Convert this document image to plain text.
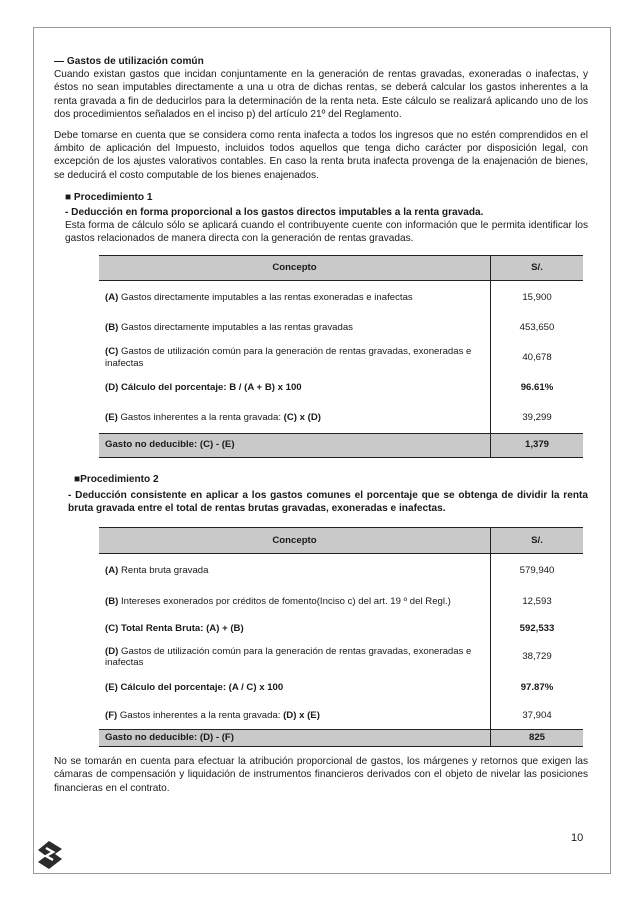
— Gastos de utilización común

Cuando existan gastos que incidan conjuntamente en la generación de rentas gravadas, exoneradas o inafectas, y éstos no sean imputables directamente a una u otra de dichas rentas, se deberá calcular los gastos inherentes a la renta gravada a fin de deducirlos para la determinación de la renta neta. Este cálculo se realizará aplicando uno de los dos procedimientos señalados en el inciso p) del artículo 21º del Reglamento.

Debe tomarse en cuenta que se considera como renta inafecta a todos los ingresos que no estén comprendidos en el ámbito de aplicación del Impuesto, incluidos todos aquellos que tenga dicho carácter por disposición legal, con excepción de los ajustes valorativos contables. En caso la renta bruta inafecta provenga de la enajenación de bienes, se deducirá el costo computable de los bienes enajenados.

■ Procedimiento 1

- Deducción en forma proporcional a los gastos directos imputables a la renta gravada.

Esta forma de cálculo sólo se aplicará cuando el contribuyente cuente con información que le permita identificar los gastos relacionados de manera directa con la generación de rentas gravadas.

Concepto	S/.
(A) Gastos directamente imputables a las rentas exoneradas e inafectas	15,900
(B) Gastos directamente imputables a las rentas gravadas	453,650
(C) Gastos de utilización común para la generación de rentas gravadas, exoneradas e inafectas	40,678
(D) Cálculo del porcentaje: B / (A + B) x 100	96.61%
(E) Gastos inherentes a la renta gravada: (C) x (D)	39,299
Gasto no deducible: (C) - (E)	1,379

■Procedimiento 2

- Deducción consistente en aplicar a los gastos comunes el porcentaje que se obtenga de dividir la renta bruta gravada entre el total de rentas brutas gravadas, exoneradas e inafectas.

Concepto	S/.
(A) Renta bruta gravada	579,940
(B) Intereses exonerados por créditos de fomento(Inciso c) del art. 19 º del Regl.)	12,593
(C) Total Renta Bruta: (A) + (B)	592,533
(D) Gastos de utilización común para la generación de rentas gravadas, exoneradas e inafectas	38,729
(E) Cálculo del porcentaje: (A / C) x 100	97.87%
(F) Gastos inherentes a la renta gravada: (D) x (E)	37,904
Gasto no deducible: (D) - (F)	825

No se tomarán en cuenta para efectuar la atribución proporcional de gastos, los márgenes y retornos que exigen las cámaras de compensación y liquidación de instrumentos financieros derivados con el objeto de nivelar las posiciones financieras en el contrato.

10
